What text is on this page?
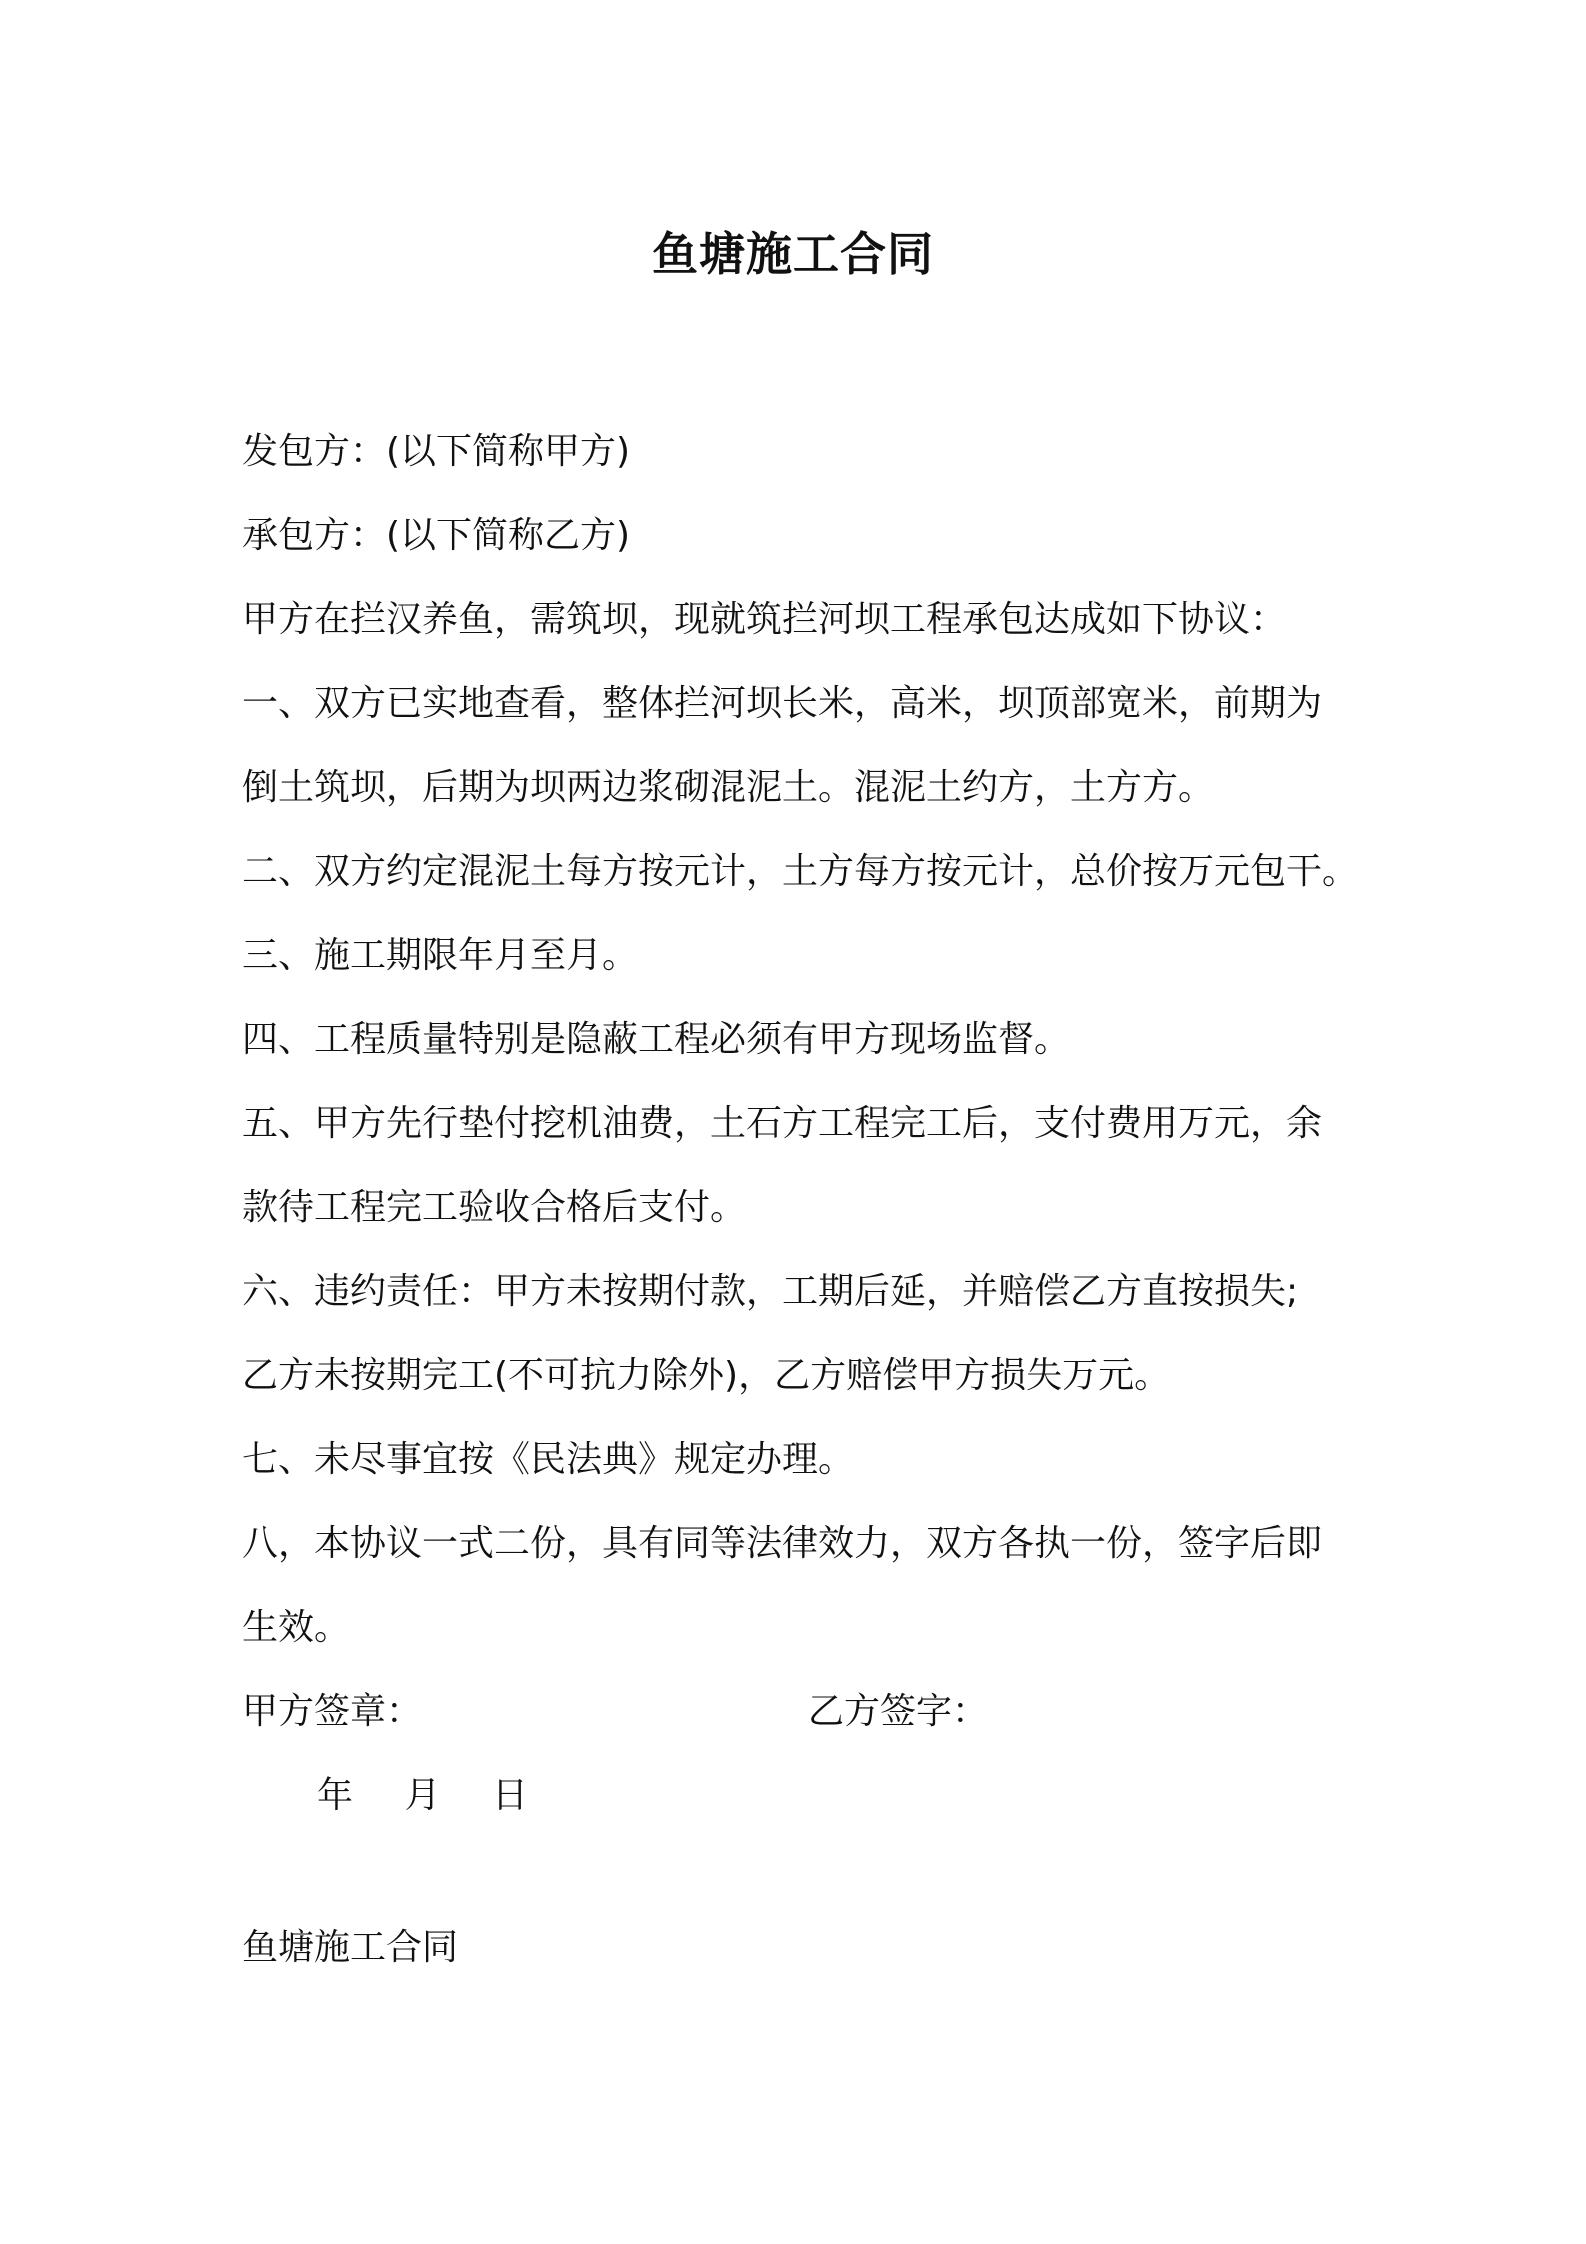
鱼塘施工合同

发包方：(以下简称甲方)

承包方：(以下简称乙方)

甲方在拦汉养鱼，需筑坝，现就筑拦河坝工程承包达成如下协议：

一、双方已实地查看，整体拦河坝长米，高米，坝顶部宽米，前期为

倒土筑坝，后期为坝两边浆砌混泥土。混泥土约方，土方方。

二、双方约定混泥土每方按元计，土方每方按元计，总价按万元包干。

三、施工期限年月至月。

四、工程质量特别是隐蔽工程必须有甲方现场监督。

五、甲方先行垫付挖机油费，土石方工程完工后，支付费用万元，余

款待工程完工验收合格后支付。

六、违约责任：甲方未按期付款，工期后延，并赔偿乙方直按损失;

乙方未按期完工(不可抗力除外)，乙方赔偿甲方损失万元。

七、未尽事宜按《民法典》规定办理。

八，本协议一式二份，具有同等法律效力，双方各执一份，签字后即

生效。

甲方签章：	乙方签字：
年 月 日
鱼塘施工合同
